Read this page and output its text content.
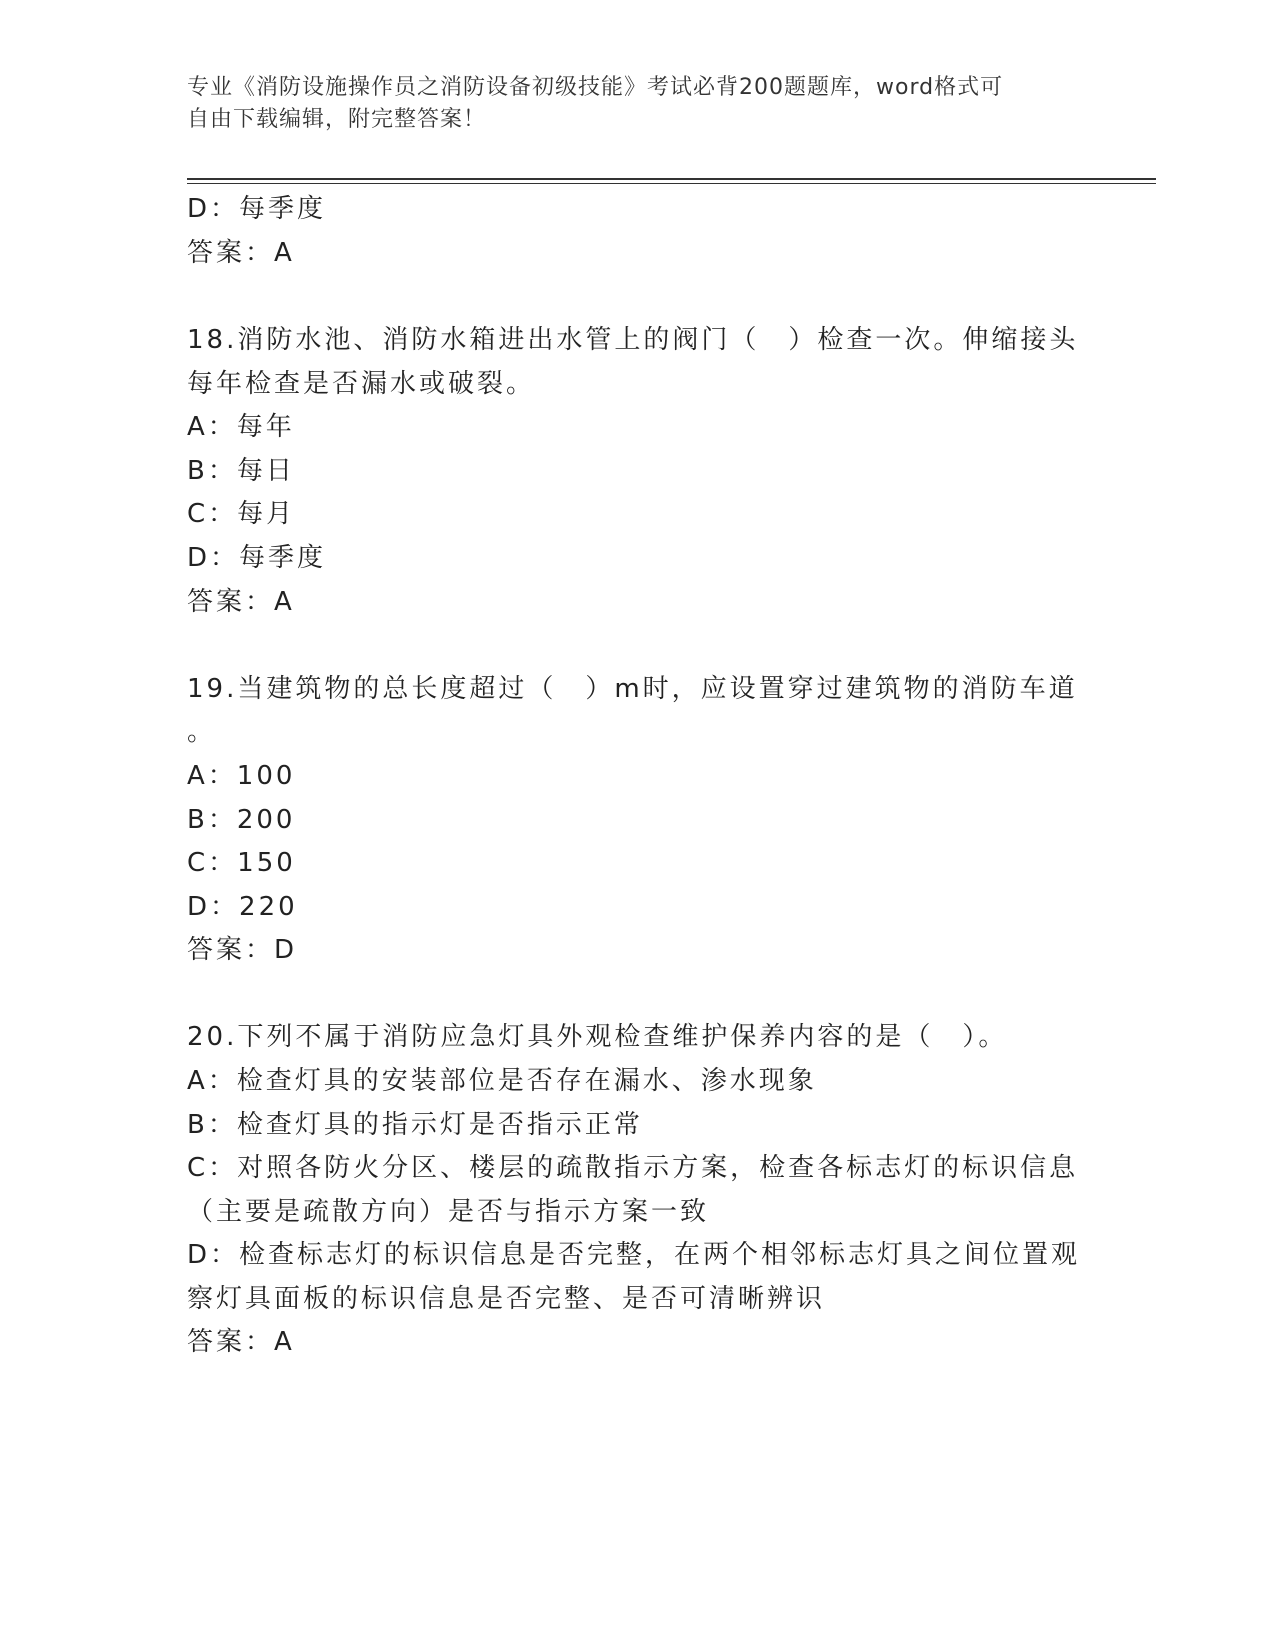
专业《消防设施操作员之消防设备初级技能》考试必背200题题库，word格式可
自由下载编辑，附完整答案！
D：每季度
答案：A
18.消防水池、消防水箱进出水管上的阀门（　）检查一次。伸缩接头
每年检查是否漏水或破裂。
A：每年
B：每日
C：每月
D：每季度
答案：A
19.当建筑物的总长度超过（　）m时，应设置穿过建筑物的消防车道
。
A：100
B：200
C：150
D：220
答案：D
20.下列不属于消防应急灯具外观检查维护保养内容的是（　）。
A：检查灯具的安装部位是否存在漏水、渗水现象
B：检查灯具的指示灯是否指示正常
C：对照各防火分区、楼层的疏散指示方案，检查各标志灯的标识信息
（主要是疏散方向）是否与指示方案一致
D：检查标志灯的标识信息是否完整，在两个相邻标志灯具之间位置观
察灯具面板的标识信息是否完整、是否可清晰辨识
答案：A
